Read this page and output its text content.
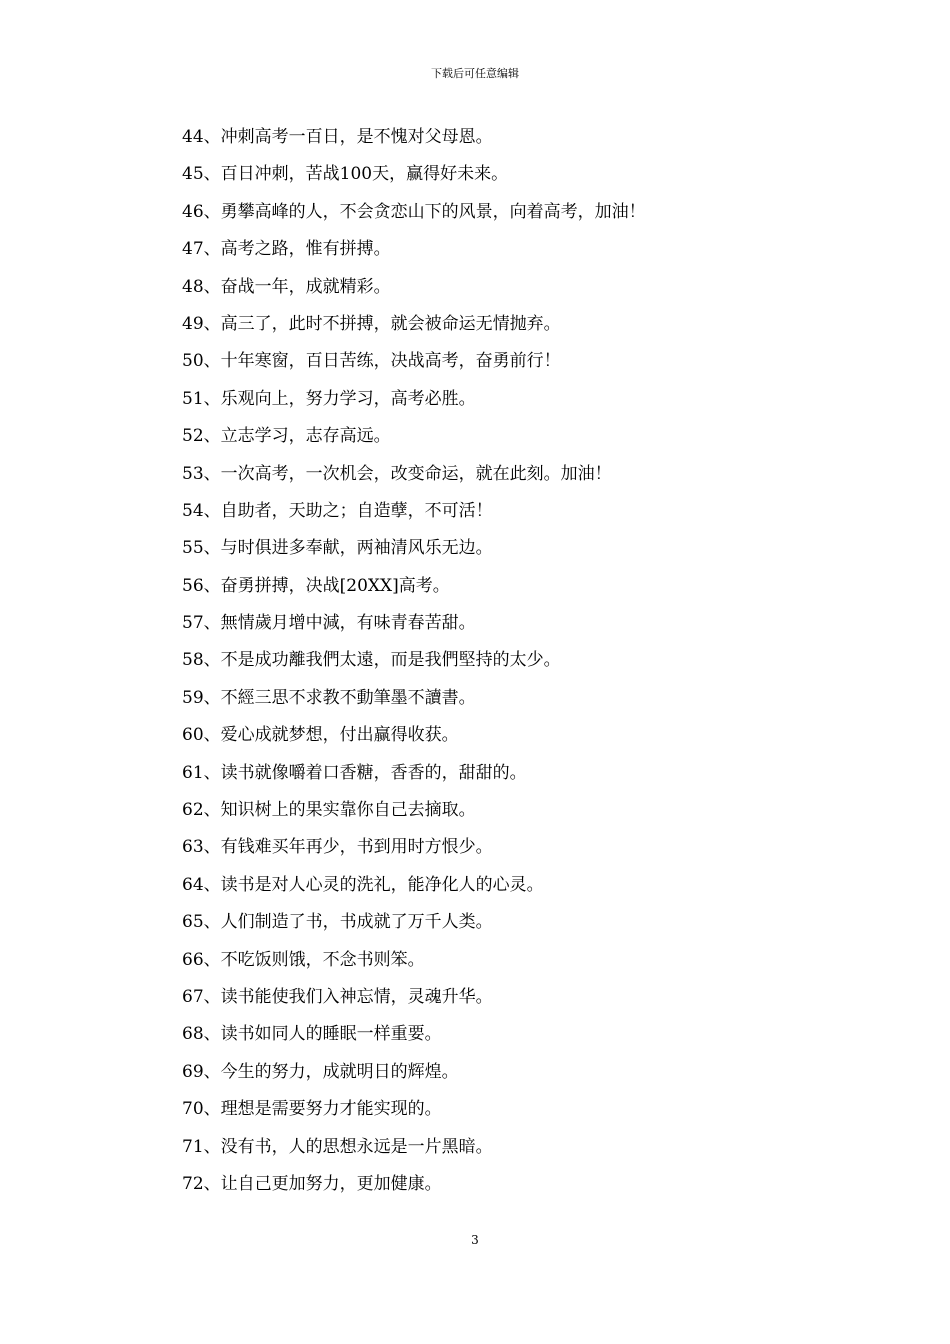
下载后可任意编辑
44、冲刺高考一百日，是不愧对父母恩。
45、百日冲刺，苦战100天，赢得好未来。
46、勇攀高峰的人，不会贪恋山下的风景，向着高考，加油！
47、高考之路，惟有拼搏。
48、奋战一年，成就精彩。
49、高三了，此时不拼搏，就会被命运无情抛弃。
50、十年寒窗，百日苦练，决战高考，奋勇前行！
51、乐观向上，努力学习，高考必胜。
52、立志学习，志存高远。
53、一次高考，一次机会，改变命运，就在此刻。加油！
54、自助者，天助之；自造孽，不可活！
55、与时俱进多奉献，两袖清风乐无边。
56、奋勇拼搏，决战[20XX]高考。
57、無情歲月增中減，有味青春苦甜。
58、不是成功離我們太遠，而是我們堅持的太少。
59、不經三思不求教不動筆墨不讀書。
60、爱心成就梦想，付出赢得收获。
61、读书就像嚼着口香糖，香香的，甜甜的。
62、知识树上的果实靠你自己去摘取。
63、有钱难买年再少，书到用时方恨少。
64、读书是对人心灵的洗礼，能净化人的心灵。
65、人们制造了书，书成就了万千人类。
66、不吃饭则饿，不念书则笨。
67、读书能使我们入神忘情，灵魂升华。
68、读书如同人的睡眠一样重要。
69、今生的努力，成就明日的辉煌。
70、理想是需要努力才能实现的。
71、没有书，人的思想永远是一片黑暗。
72、让自己更加努力，更加健康。
3
